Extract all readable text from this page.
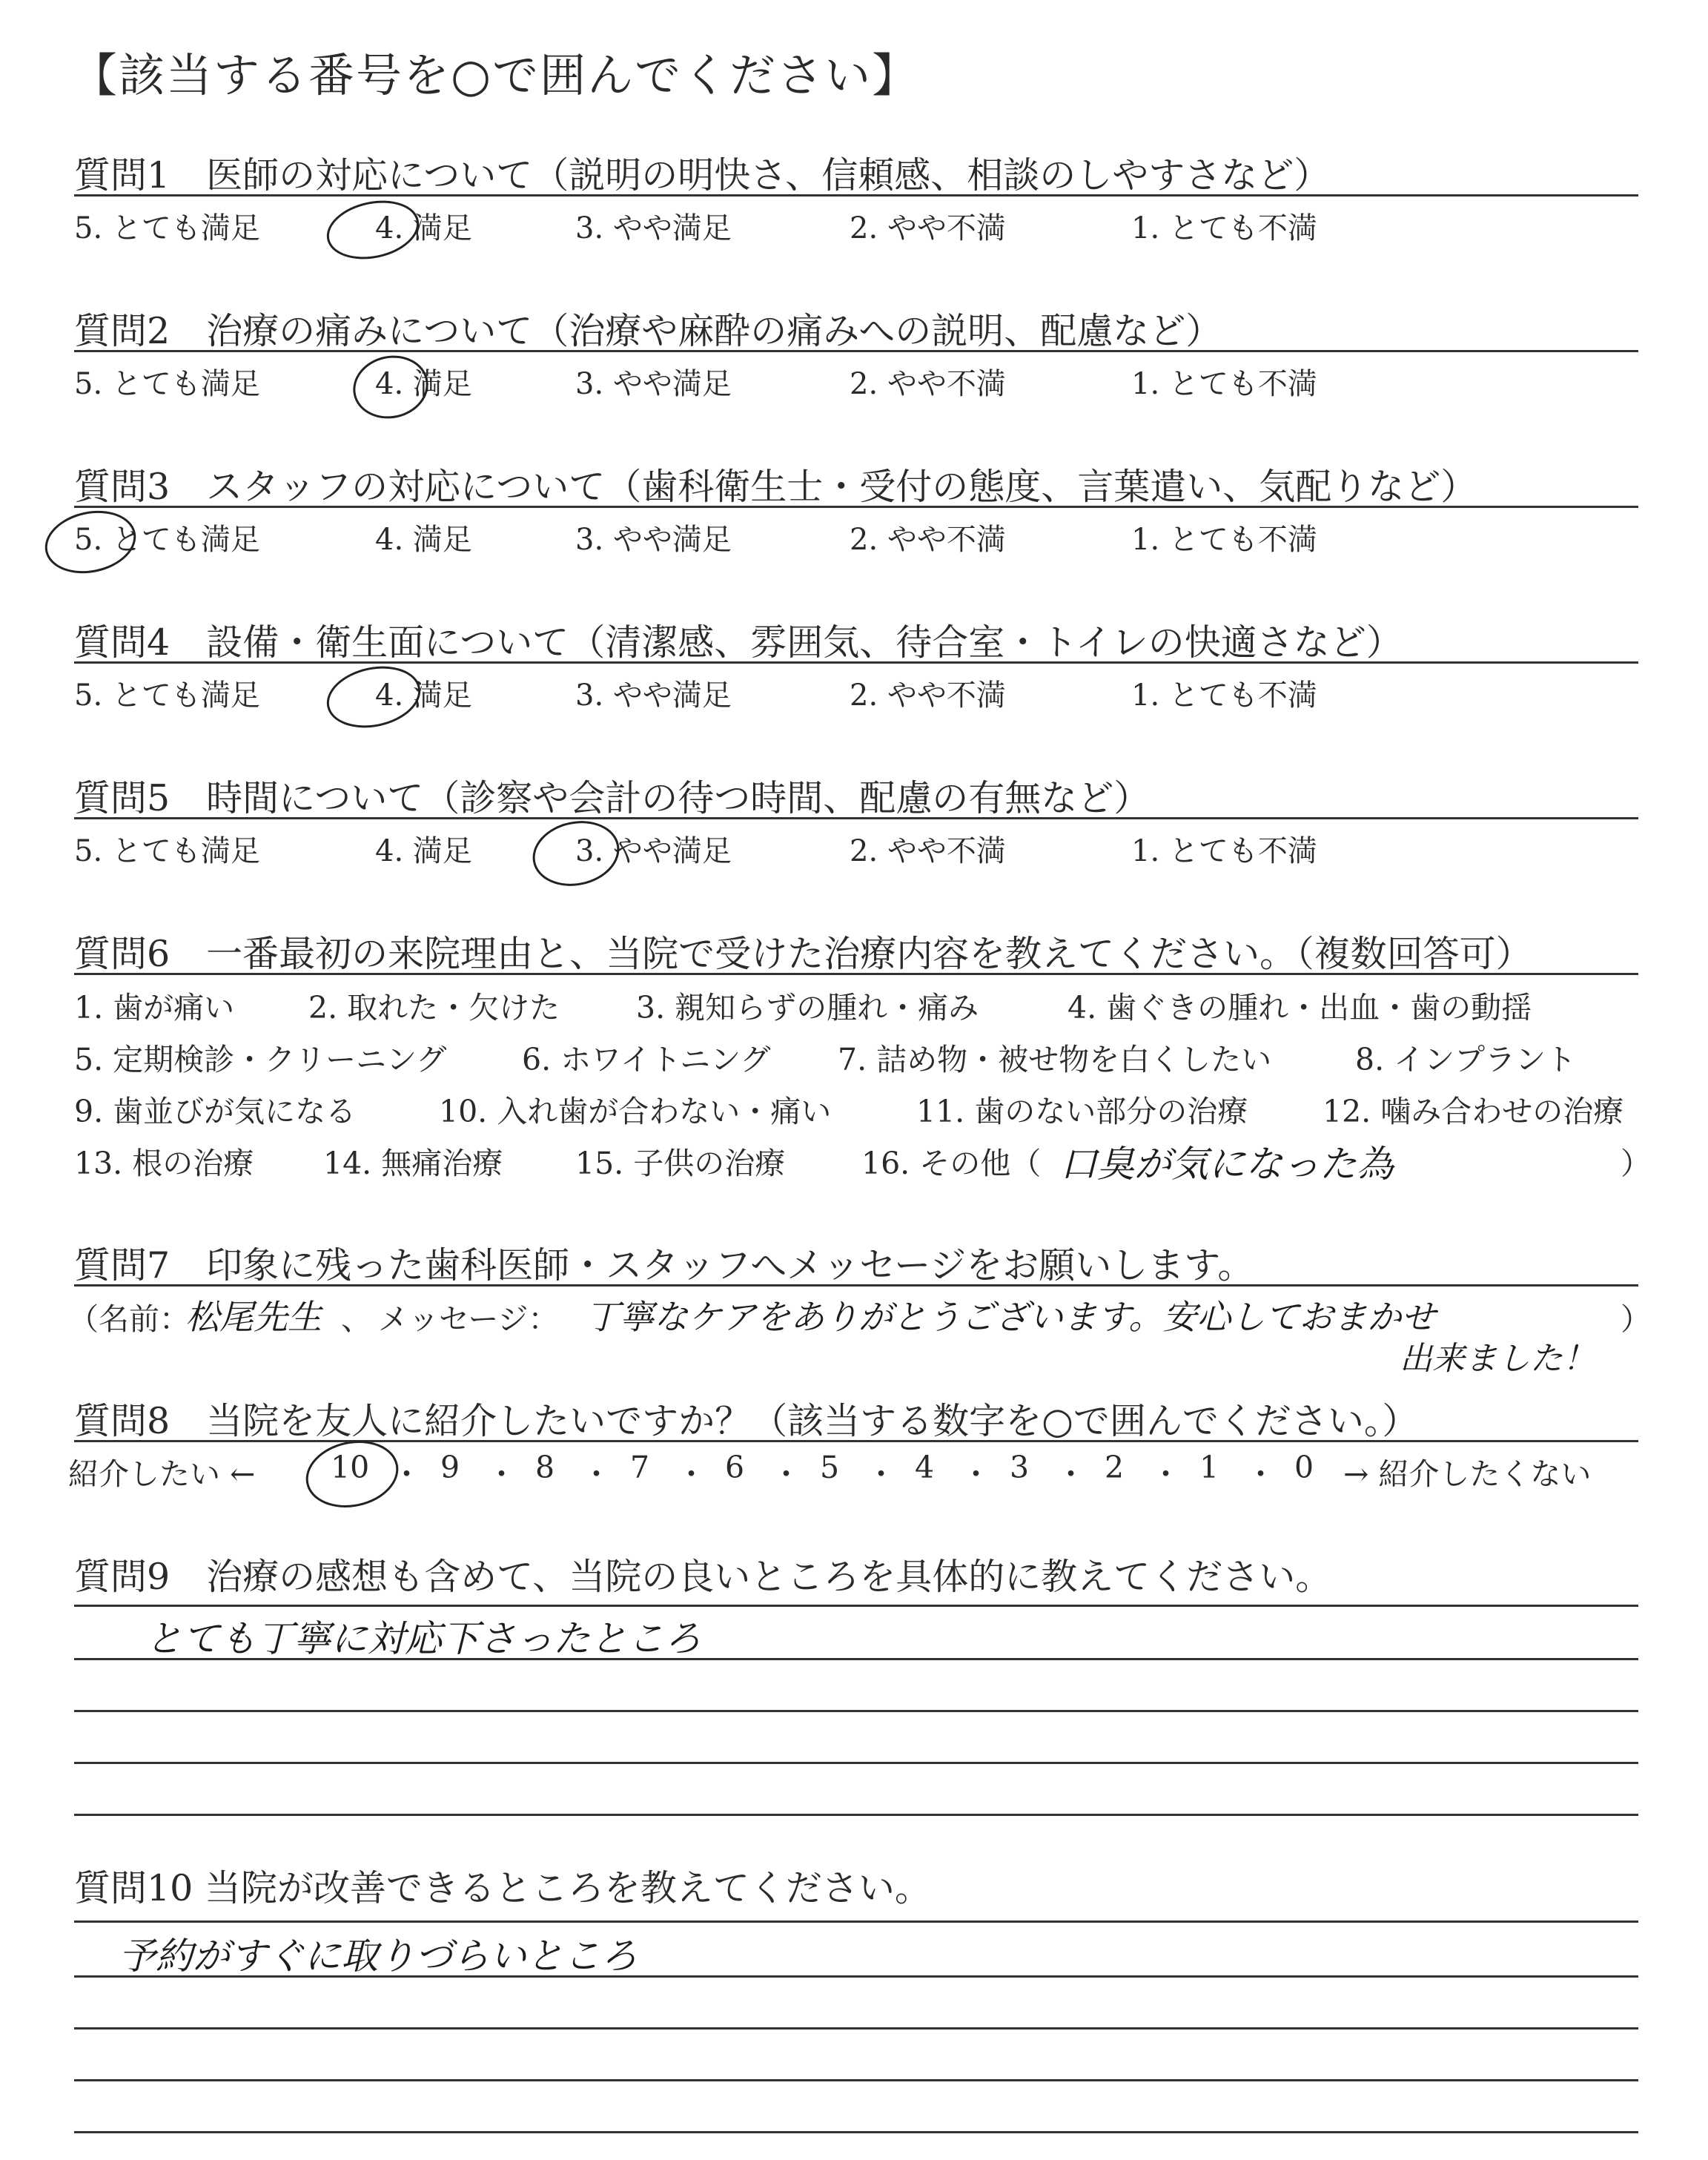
【該当する番号を○で囲んでください】
質問1　医師の対応について（説明の明快さ、信頼感、相談のしやすさなど）
5. とても満足	4. 満足	3. やや満足	2. やや不満	1. とても不満
質問2　治療の痛みについて（治療や麻酔の痛みへの説明、配慮など）
5. とても満足	4. 満足	3. やや満足	2. やや不満	1. とても不満
質問3　スタッフの対応について（歯科衛生士・受付の態度、言葉遣い、気配りなど）
5. とても満足	4. 満足	3. やや満足	2. やや不満	1. とても不満
質問4　設備・衛生面について（清潔感、雰囲気、待合室・トイレの快適さなど）
5. とても満足	4. 満足	3. やや満足	2. やや不満	1. とても不満
質問5　時間について（診察や会計の待つ時間、配慮の有無など）
5. とても満足	4. 満足	3. やや満足	2. やや不満	1. とても不満
質問6　一番最初の来院理由と、当院で受けた治療内容を教えてください。（複数回答可）
1. 歯が痛い 2. 取れた・欠けた	3. 親知らずの腫れ・痛み	4. 歯ぐきの腫れ・出血・歯の動揺
5. 定期検診・クリーニング 6. ホワイトニング 7. 詰め物・被せ物を白くしたい	8. インプラント
9. 歯並びが気になる	10. 入れ歯が合わない・痛い	11. 歯のない部分の治療 12. 噛み合わせの治療
13. 根の治療 14. 無痛治療 15. 子供の治療	16. その他（ 口臭が気になった為	）
質問7　印象に残った歯科医師・スタッフへメッセージをお願いします。
（名前：
松尾先生 、 メッセージ： 丁寧なケアをありがとうございます。安心しておまかせ
出来ました！
）
質問8　当院を友人に紹介したいですか？（該当する数字を○で囲んでください。）
紹介したい ← 10 ・ 9 ・ 8 ・ 7 ・ 6 ・ 5 ・ 4 ・ 3 ・ 2 ・ 1 ・ 0 → 紹介したくない
質問9　治療の感想も含めて、当院の良いところを具体的に教えてください。
とても丁寧に対応下さったところ
質問10 当院が改善できるところを教えてください。
予約がすぐに取りづらいところ
